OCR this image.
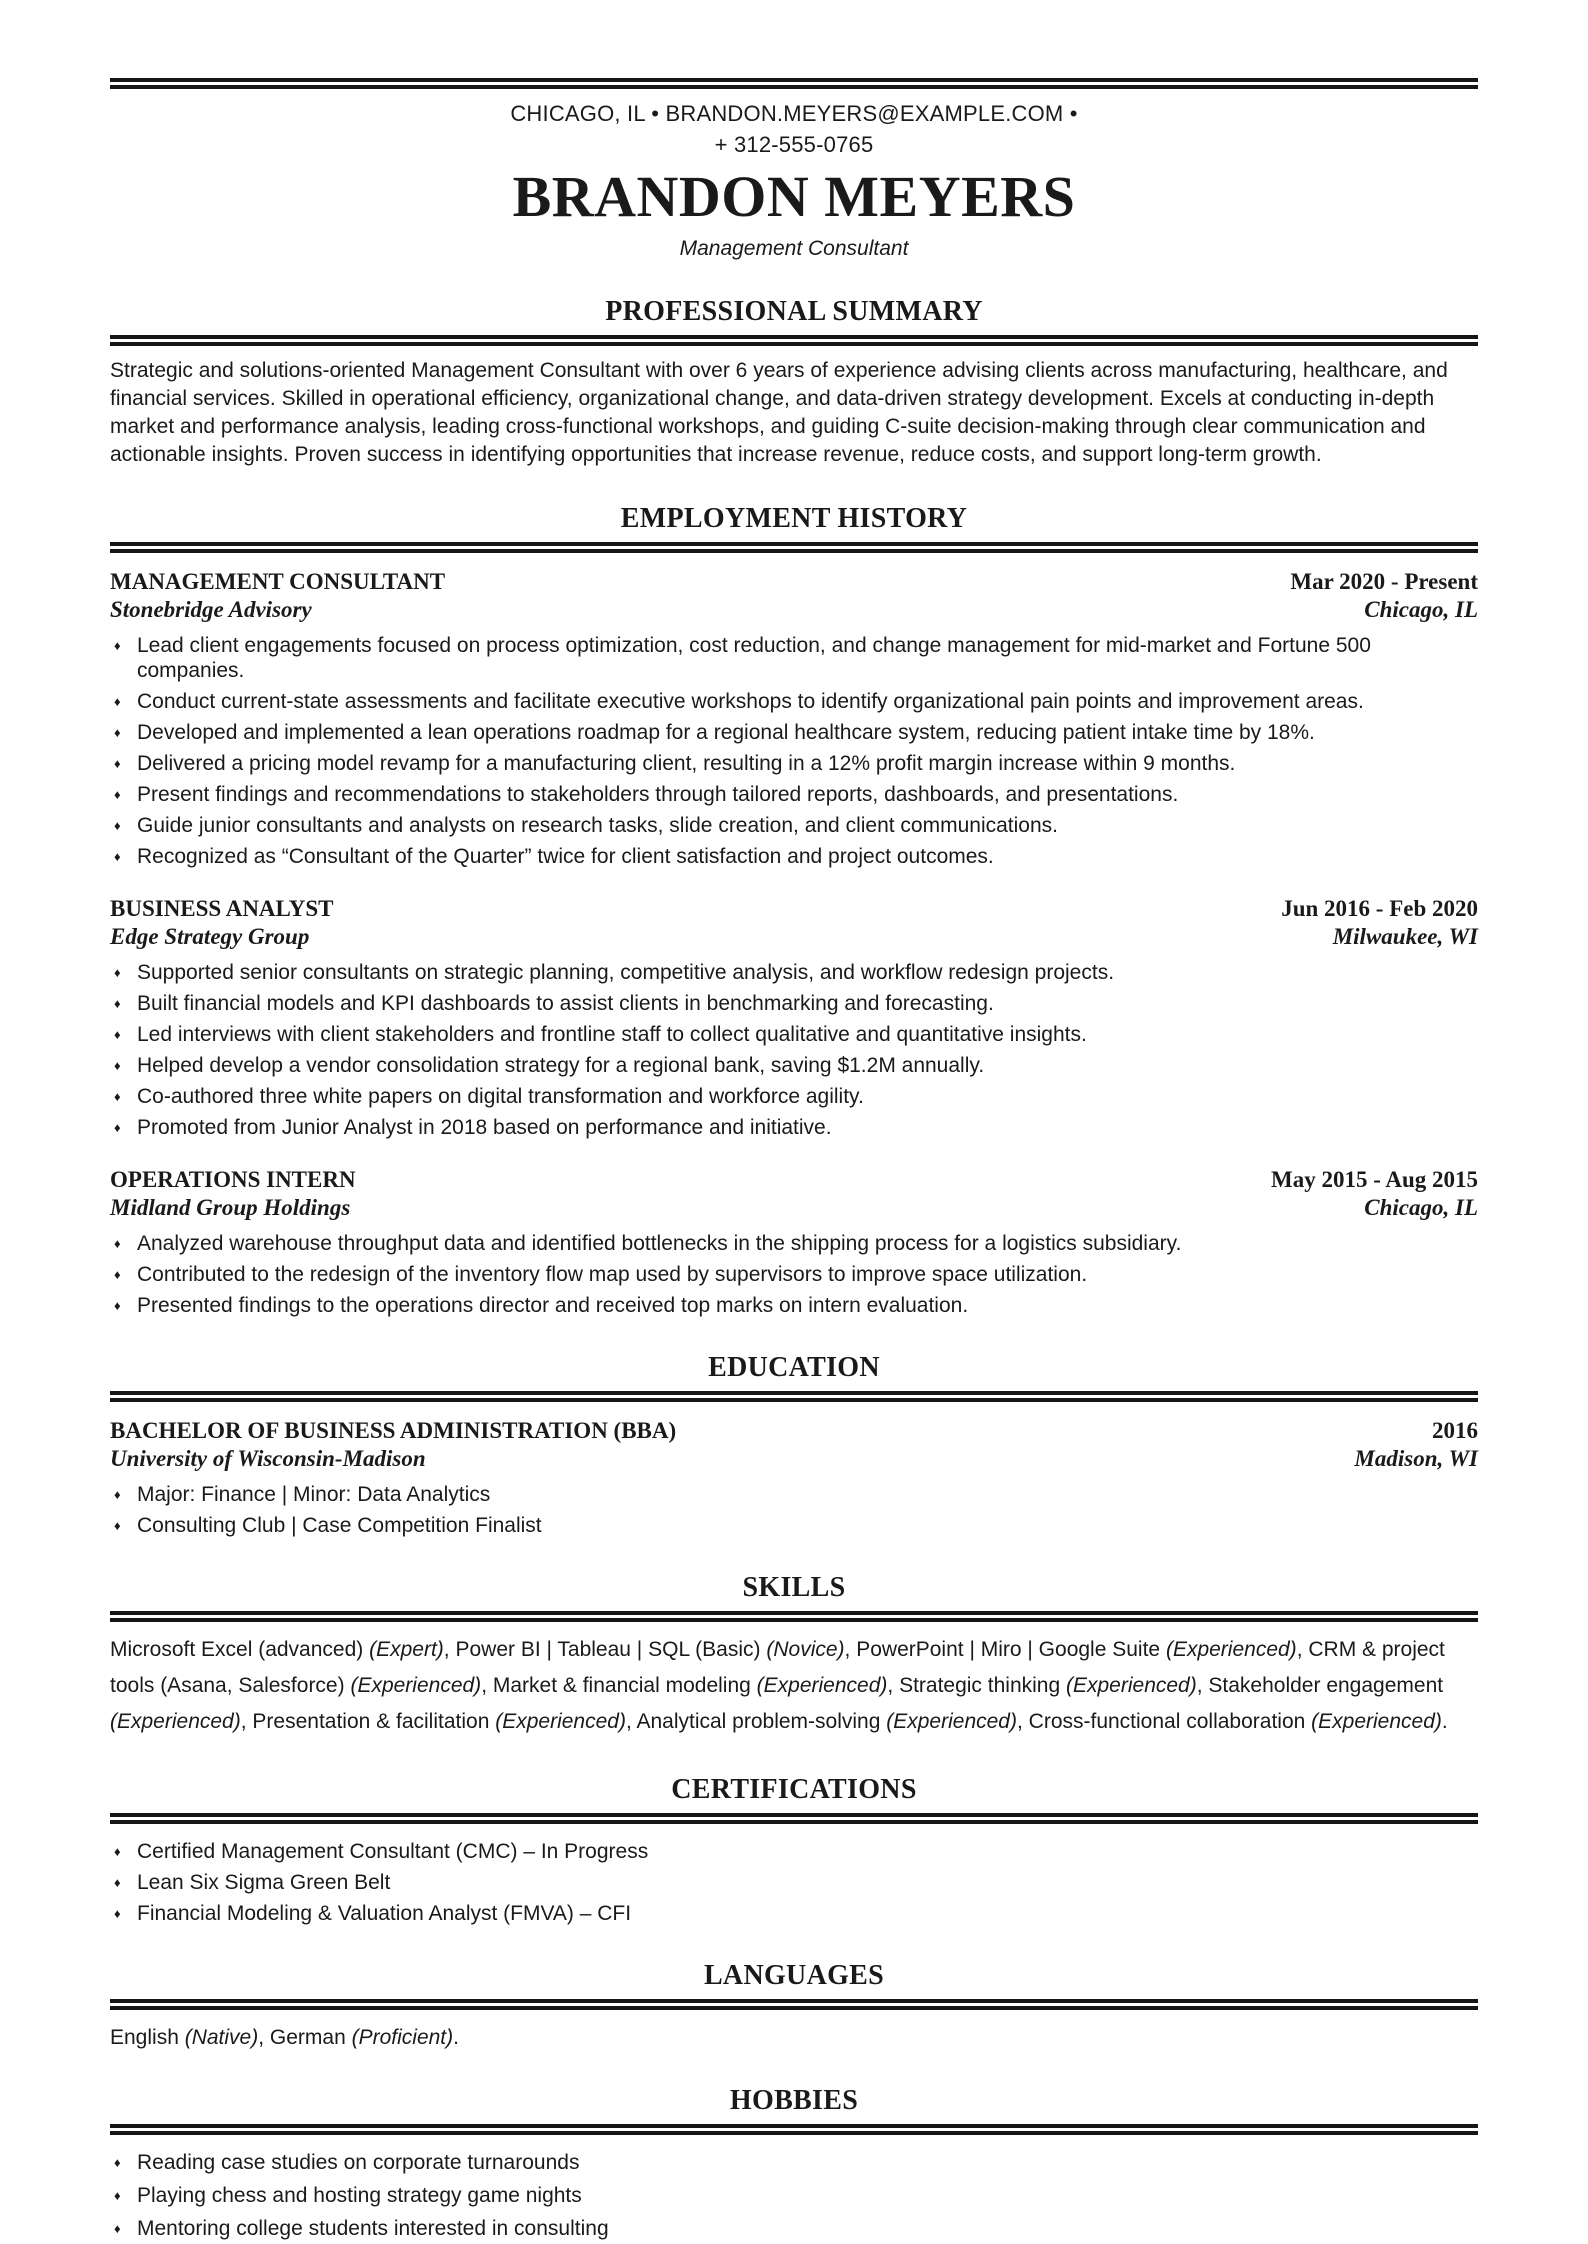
CHICAGO, IL • BRANDON.MEYERS@EXAMPLE.COM •
+ 312-555-0765
BRANDON MEYERS
Management Consultant
PROFESSIONAL SUMMARY

Strategic and solutions-oriented Management Consultant with over 6 years of experience advising clients across manufacturing, healthcare, and financial services. Skilled in operational efficiency, organizational change, and data-driven strategy development. Excels at conducting in-depth market and performance analysis, leading cross-functional workshops, and guiding C-suite decision-making through clear communication and actionable insights. Proven success in identifying opportunities that increase revenue, reduce costs, and support long-term growth.

EMPLOYMENT HISTORY
MANAGEMENT CONSULTANT	Mar 2020 - Present
Stonebridge Advisory	Chicago, IL
♦ Lead client engagements focused on process optimization, cost reduction, and change management for mid-market and Fortune 500 companies.
♦ Conduct current-state assessments and facilitate executive workshops to identify organizational pain points and improvement areas.
♦ Developed and implemented a lean operations roadmap for a regional healthcare system, reducing patient intake time by 18%.
♦ Delivered a pricing model revamp for a manufacturing client, resulting in a 12% profit margin increase within 9 months.
♦ Present findings and recommendations to stakeholders through tailored reports, dashboards, and presentations.
♦ Guide junior consultants and analysts on research tasks, slide creation, and client communications.
♦ Recognized as “Consultant of the Quarter” twice for client satisfaction and project outcomes.
BUSINESS ANALYST	Jun 2016 - Feb 2020
Edge Strategy Group	Milwaukee, WI
♦ Supported senior consultants on strategic planning, competitive analysis, and workflow redesign projects.
♦ Built financial models and KPI dashboards to assist clients in benchmarking and forecasting.
♦ Led interviews with client stakeholders and frontline staff to collect qualitative and quantitative insights.
♦ Helped develop a vendor consolidation strategy for a regional bank, saving $1.2M annually.
♦ Co-authored three white papers on digital transformation and workforce agility.
♦ Promoted from Junior Analyst in 2018 based on performance and initiative.
OPERATIONS INTERN	May 2015 - Aug 2015
Midland Group Holdings	Chicago, IL
♦ Analyzed warehouse throughput data and identified bottlenecks in the shipping process for a logistics subsidiary.
♦ Contributed to the redesign of the inventory flow map used by supervisors to improve space utilization.
♦ Presented findings to the operations director and received top marks on intern evaluation.
EDUCATION
BACHELOR OF BUSINESS ADMINISTRATION (BBA)	2016
University of Wisconsin-Madison	Madison, WI
♦ Major: Finance | Minor: Data Analytics
♦ Consulting Club | Case Competition Finalist
SKILLS

Microsoft Excel (advanced) (Expert), Power BI | Tableau | SQL (Basic) (Novice), PowerPoint | Miro | Google Suite (Experienced), CRM & project tools (Asana, Salesforce) (Experienced), Market & financial modeling (Experienced), Strategic thinking (Experienced), Stakeholder engagement (Experienced), Presentation & facilitation (Experienced), Analytical problem-solving (Experienced), Cross-functional collaboration (Experienced).

CERTIFICATIONS
♦ Certified Management Consultant (CMC) – In Progress
♦ Lean Six Sigma Green Belt
♦ Financial Modeling & Valuation Analyst (FMVA) – CFI
LANGUAGES

English (Native), German (Proficient).

HOBBIES
♦ Reading case studies on corporate turnarounds
♦ Playing chess and hosting strategy game nights
♦ Mentoring college students interested in consulting
